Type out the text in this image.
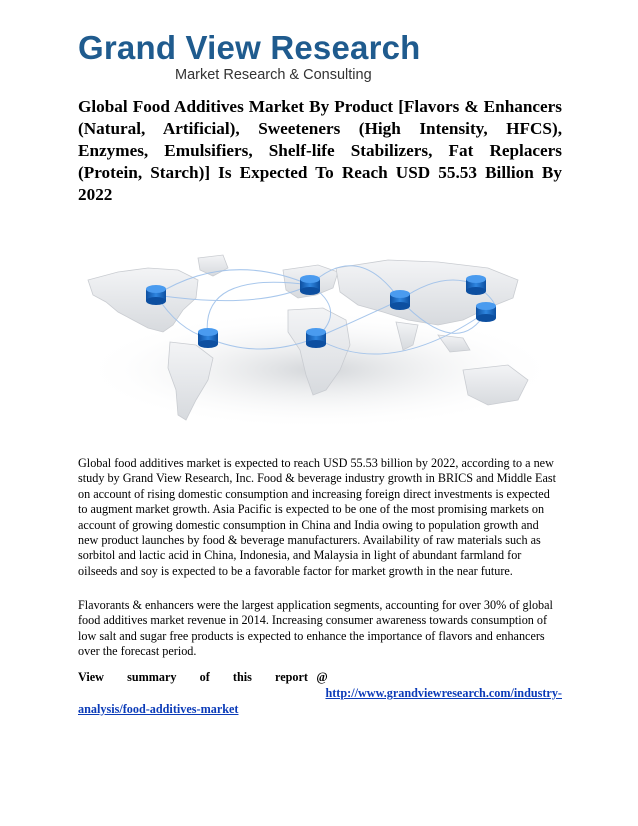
Grand View Research
Market Research & Consulting
Global Food Additives Market By Product [Flavors & Enhancers (Natural, Artificial), Sweeteners (High Intensity, HFCS), Enzymes, Emulsifiers, Shelf-life Stabilizers, Fat Replacers (Protein, Starch)] Is Expected To Reach USD 55.53 Billion By 2022

Global food additives market is expected to reach USD 55.53 billion by 2022, according to a new study by Grand View Research, Inc. Food & beverage industry growth in BRICS and Middle East on account of rising domestic consumption and increasing foreign direct investments is expected to augment market growth. Asia Pacific is expected to be one of the most promising markets on account of growing domestic consumption in China and India owing to population growth and new product launches by food & beverage manufacturers. Availability of raw materials such as sorbitol and lactic acid in China, Indonesia, and Malaysia in light of abundant farmland for oilseeds and soy is expected to be a favorable factor for market growth in the near future.

Flavorants & enhancers were the largest application segments, accounting for over 30% of global food additives market revenue in 2014. Increasing consumer awareness towards consumption of low salt and sugar free products is expected to enhance the importance of flavors and enhancers over the forecast period.

View summary of this report @
http://www.grandviewresearch.com/industry-
analysis/food-additives-market
